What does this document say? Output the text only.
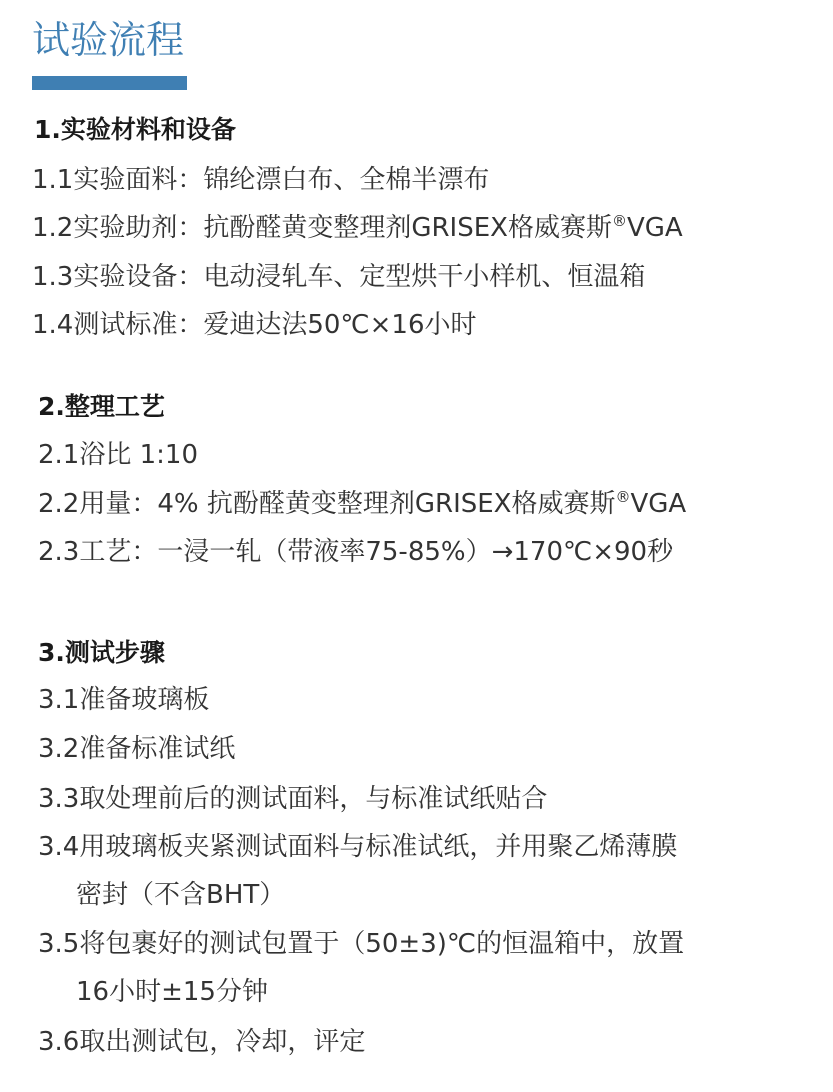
试验流程
1.实验材料和设备
1.1实验面料：锦纶漂白布、全棉半漂布
1.2实验助剂：抗酚醛黄变整理剂GRISEX格威赛斯®VGA
1.3实验设备：电动浸轧车、定型烘干小样机、恒温箱
1.4测试标准：爱迪达法50℃×16小时
2.整理工艺
2.1浴比 1:10
2.2用量：4% 抗酚醛黄变整理剂GRISEX格威赛斯®VGA
2.3工艺：一浸一轧（带液率75-85%）→170℃×90秒
3.测试步骤
3.1准备玻璃板
3.2准备标准试纸
3.3取处理前后的测试面料，与标准试纸贴合
3.4用玻璃板夹紧测试面料与标准试纸，并用聚乙烯薄膜
密封（不含BHT）
3.5将包裹好的测试包置于（50±3)℃的恒温箱中，放置
16小时±15分钟
3.6取出测试包，冷却，评定
